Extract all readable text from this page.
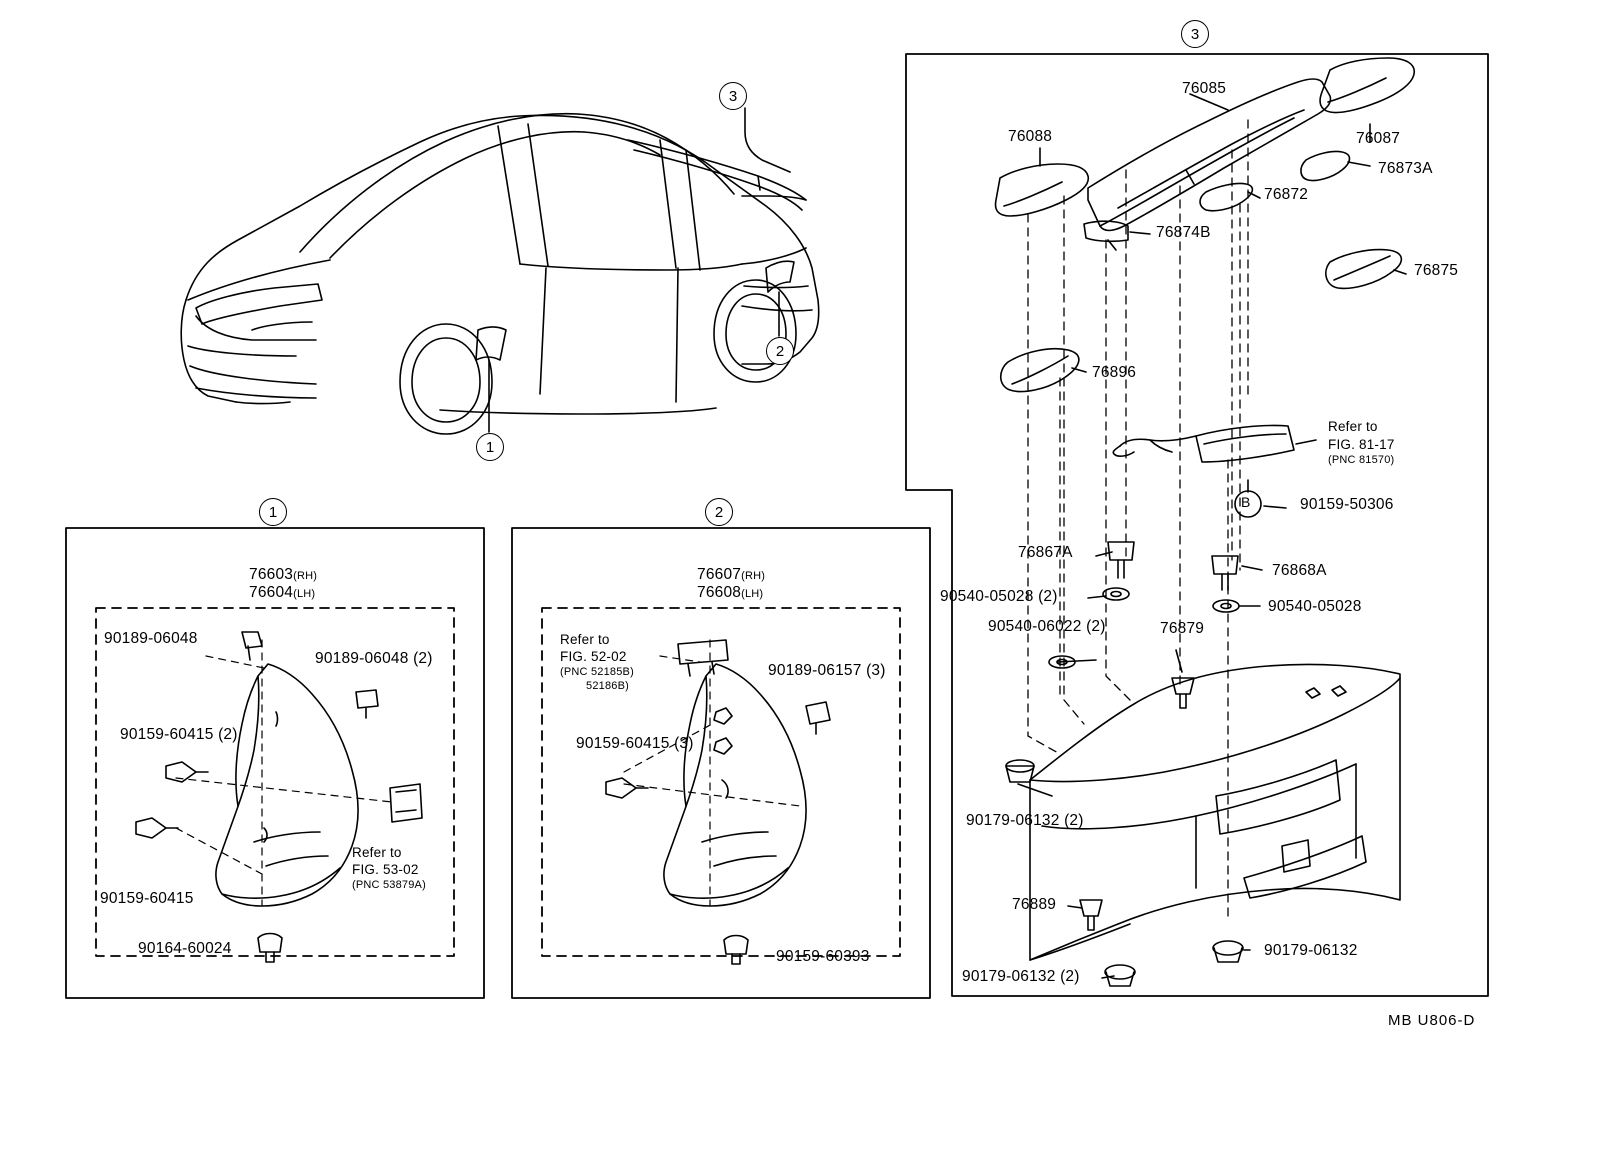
1
2
3
1	2
3
B
76603(RH)
76604(LH)
90189-06048
90189-06048 (2)
90159-60415 (2)
90159-60415
90164-60024
Refer to
FIG. 53-02
(PNC 53879A)
76607(RH)
76608(LH)
Refer to
FIG. 52-02
(PNC 52185B)
52186B)
90189-06157 (3)
90159-60415 (3)
90159-60393
76085
76088	76087
76873A
76872
76874B
76875
76896
Refer to
FIG. 81-17
(PNC 81570)
90159-50306
76867A
76868A
90540-05028 (2)
90540-05028
90540-06022 (2)	76879
90179-06132 (2)
76889
90179-06132
90179-06132 (2)
MB U806-D
